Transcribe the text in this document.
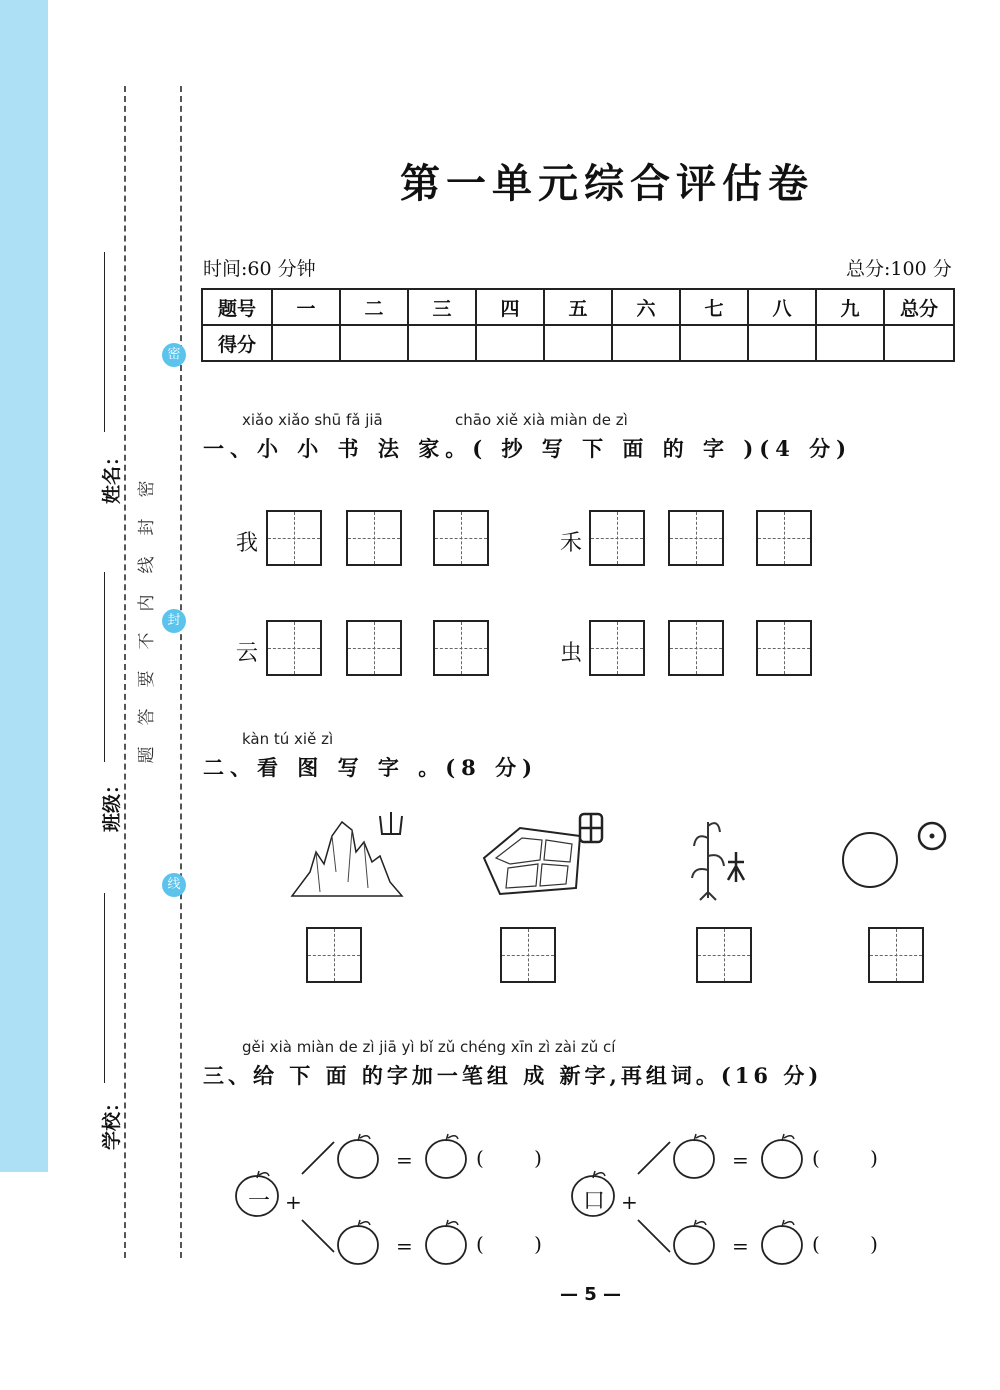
密
封
线
姓名：
班级：
学校：
密
封
线
内
不
要
答
题
第一单元综合评估卷
时间:60 分钟	总分:100 分
题号	一	二	三	四	五	六	七	八	九	总分
得分										
xiǎo xiǎo shū fǎ jiā	chāo xiě xià miàn de zì
一、小 小 书 法 家。( 抄 写 下 面 的 字 )(4 分)
我	禾
云	虫
kàn tú xiě zì
二、看 图 写 字 。(8 分)
gěi xià miàn de zì jiā yì bǐ zǔ chéng xīn zì zài zǔ cí
三、给 下 面 的字加一笔组 成 新字,再组词。(16 分)
一 +
=	( )
=	( )
口 +
=	( )
=	( )
— 5 —
